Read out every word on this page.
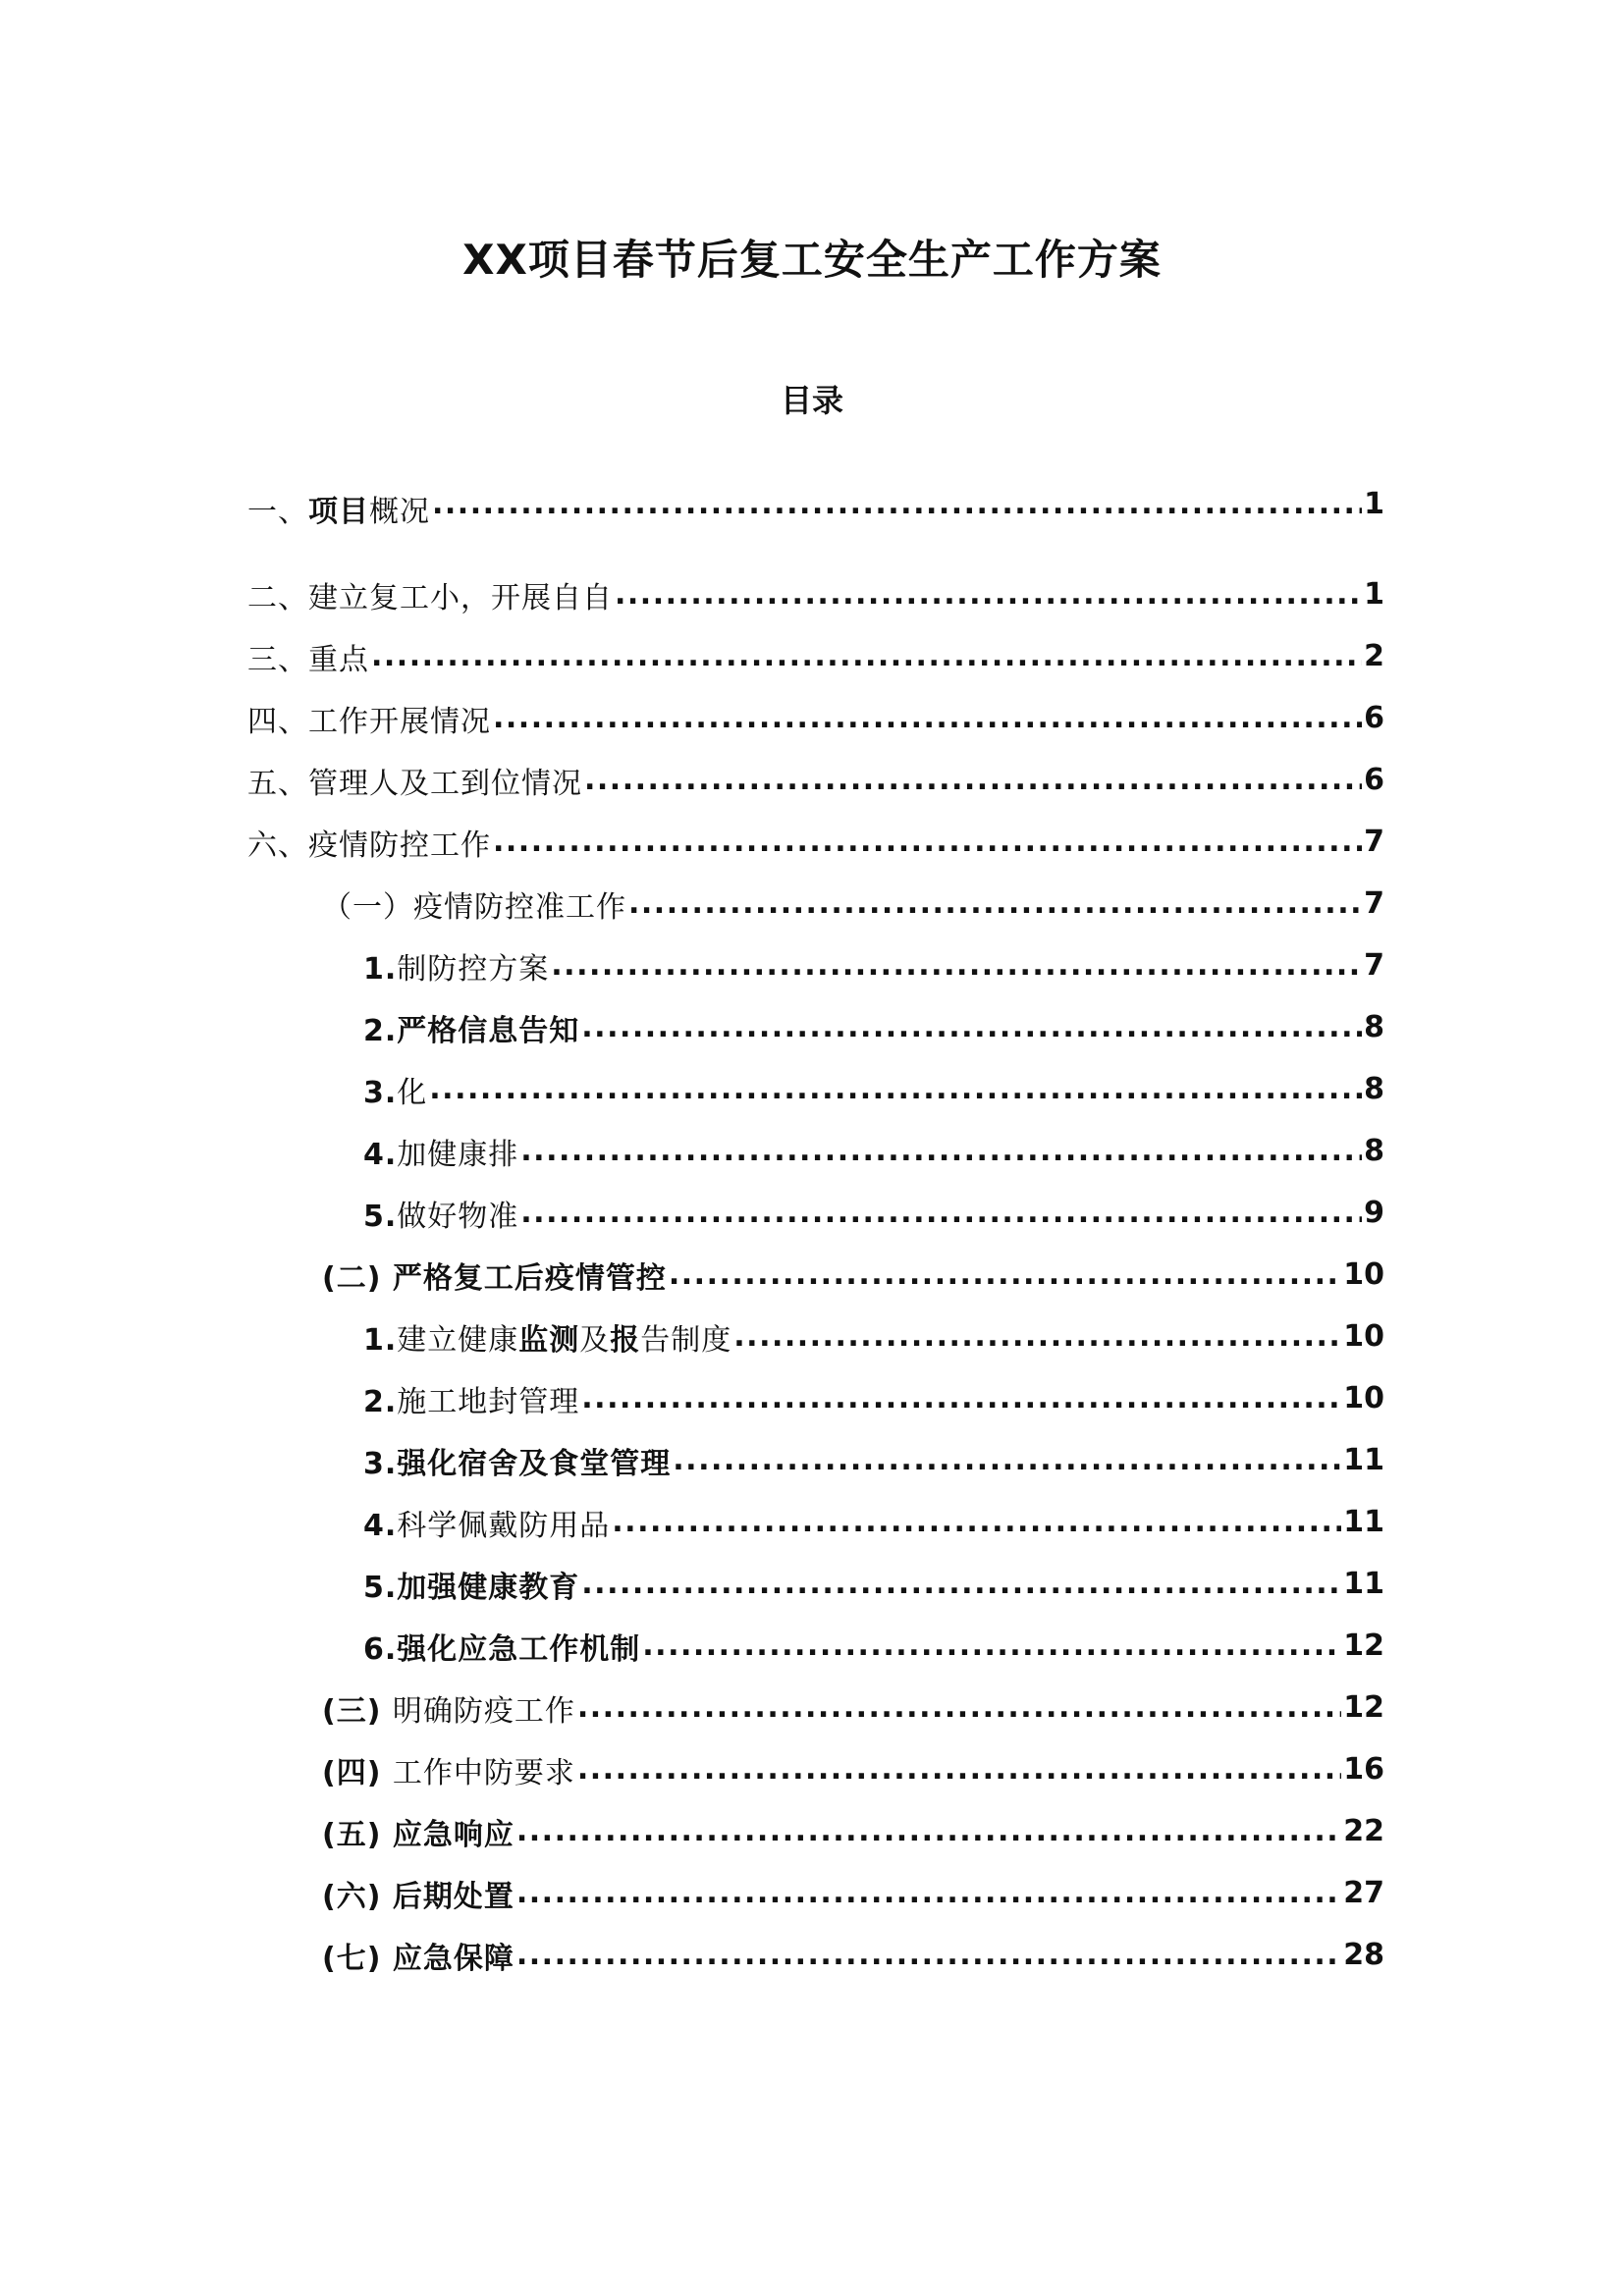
XX项目春节后复工安全生产工作方案
目录
一、项目概况 .....	1
二、建立复工小，开展自自 .....	1
三、重点 .....	2
四、工作开展情况 .....	6
五、管理人及工到位情况 .....	6
六、疫情防控工作 .....	7
（一）疫情防控准工作 .....	7
1.制防控方案 .....	7
2.严格信息告知 .....	8
3.化 .....	8
4.加健康排 .....	8
5.做好物准 .....	9
(二) 严格复工后疫情管控 .....	10
1.建立健康监测及报告制度 .....	10
2.施工地封管理 .....	10
3.强化宿舍及食堂管理 .....	11
4.科学佩戴防用品 .....	11
5.加强健康教育 .....	11
6.强化应急工作机制 .....	12
(三) 明确防疫工作 .....	12
(四) 工作中防要求 .....	16
(五) 应急响应 .....	22
(六) 后期处置 .....	27
(七) 应急保障 .....	28
